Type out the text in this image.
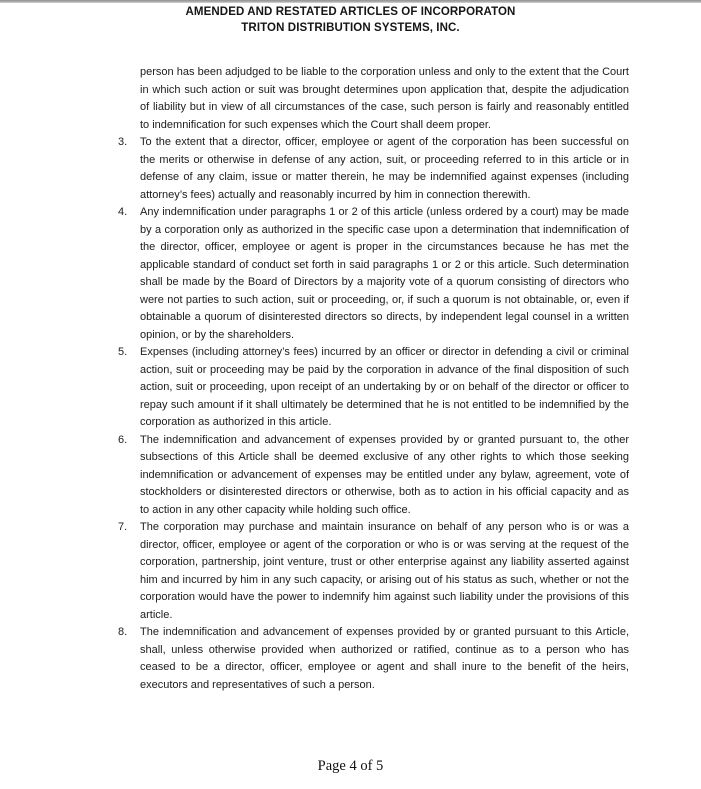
AMENDED AND RESTATED ARTICLES OF INCORPORATON
TRITON DISTRIBUTION SYSTEMS, INC.

person has been adjudged to be liable to the corporation unless and only to the extent that the Court in which such action or suit was brought determines upon application that, despite the adjudication of liability but in view of all circumstances of the case, such person is fairly and reasonably entitled to indemnification for such expenses which the Court shall deem proper.

3. To the extent that a director, officer, employee or agent of the corporation has been successful on the merits or otherwise in defense of any action, suit, or proceeding referred to in this article or in defense of any claim, issue or matter therein, he may be indemnified against expenses (including attorney’s fees) actually and reasonably incurred by him in connection therewith.
4. Any indemnification under paragraphs 1 or 2 of this article (unless ordered by a court) may be made by a corporation only as authorized in the specific case upon a determination that indemnification of the director, officer, employee or agent is proper in the circumstances because he has met the applicable standard of conduct set forth in said paragraphs 1 or 2 or this article. Such determination shall be made by the Board of Directors by a majority vote of a quorum consisting of directors who were not parties to such action, suit or proceeding, or, if such a quorum is not obtainable, or, even if obtainable a quorum of disinterested directors so directs, by independent legal counsel in a written opinion, or by the shareholders.
5. Expenses (including attorney’s fees) incurred by an officer or director in defending a civil or criminal action, suit or proceeding may be paid by the corporation in advance of the final disposition of such action, suit or proceeding, upon receipt of an undertaking by or on behalf of the director or officer to repay such amount if it shall ultimately be determined that he is not entitled to be indemnified by the corporation as authorized in this article.
6. The indemnification and advancement of expenses provided by or granted pursuant to, the other subsections of this Article shall be deemed exclusive of any other rights to which those seeking indemnification or advancement of expenses may be entitled under any bylaw, agreement, vote of stockholders or disinterested directors or otherwise, both as to action in his official capacity and as to action in any other capacity while holding such office.
7. The corporation may purchase and maintain insurance on behalf of any person who is or was a director, officer, employee or agent of the corporation or who is or was serving at the request of the corporation, partnership, joint venture, trust or other enterprise against any liability asserted against him and incurred by him in any such capacity, or arising out of his status as such, whether or not the corporation would have the power to indemnify him against such liability under the provisions of this article.
8. The indemnification and advancement of expenses provided by or granted pursuant to this Article, shall, unless otherwise provided when authorized or ratified, continue as to a person who has ceased to be a director, officer, employee or agent and shall inure to the benefit of the heirs, executors and representatives of such a person.
Page 4 of 5
